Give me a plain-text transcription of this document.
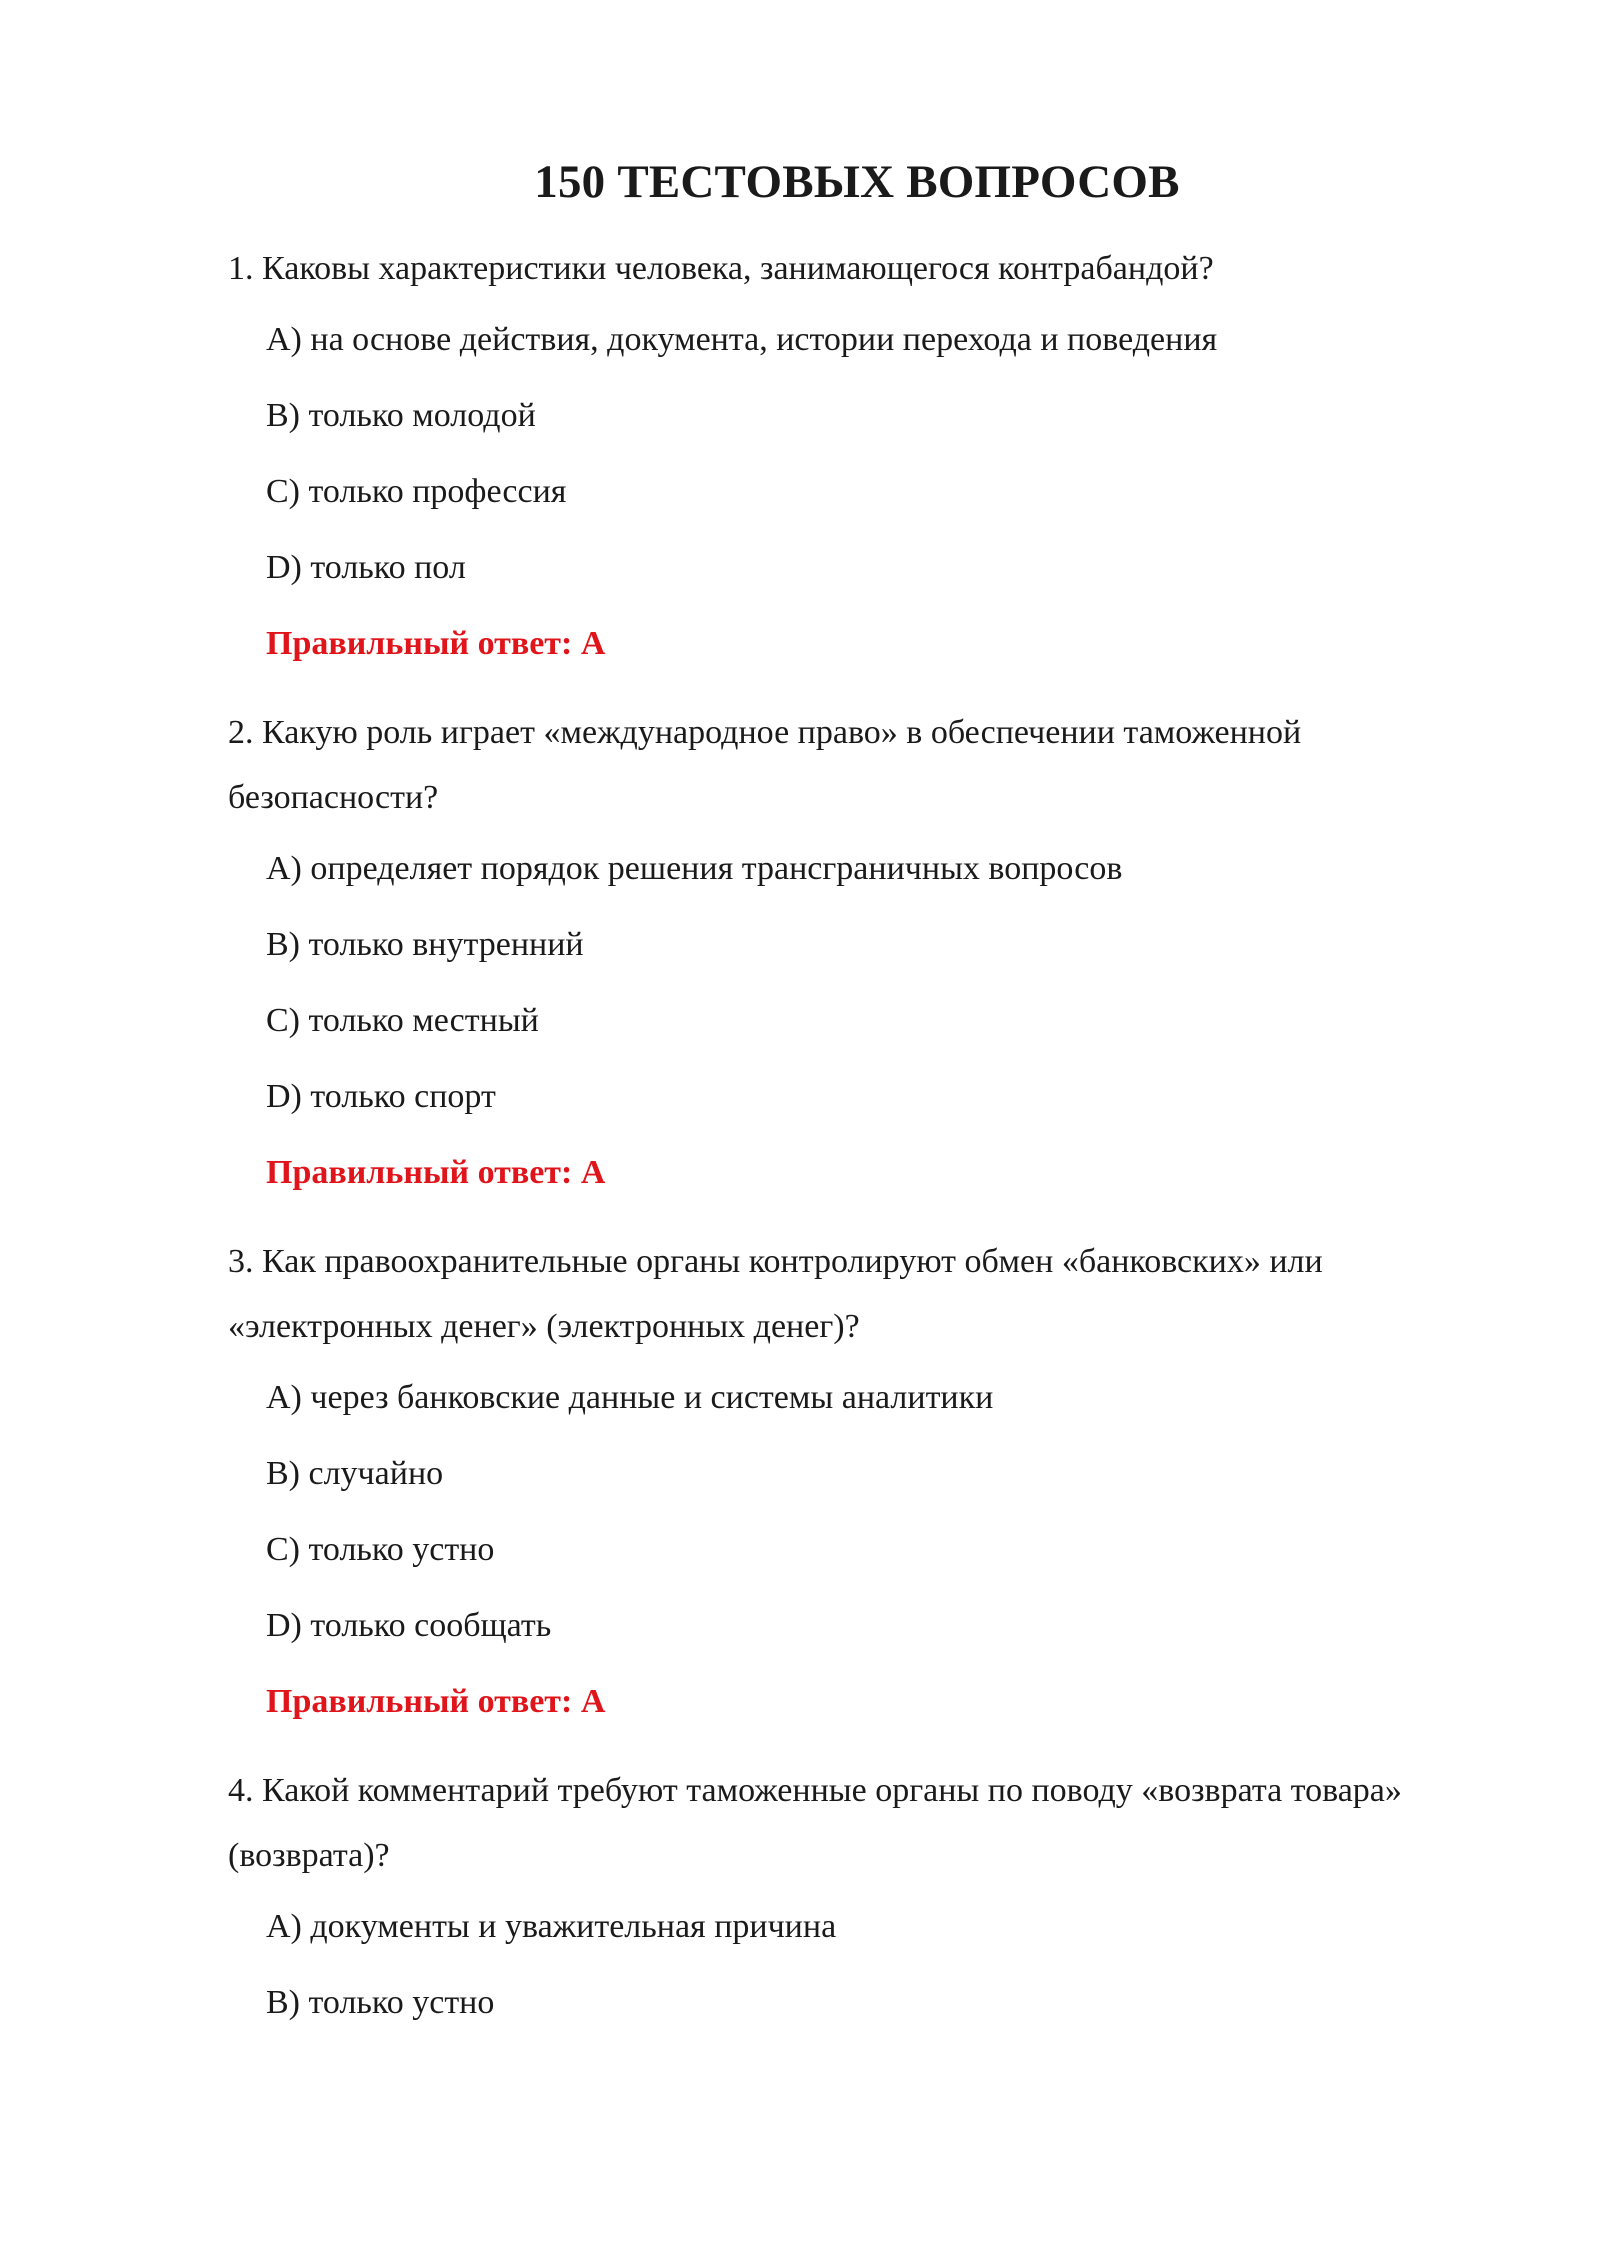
150 ТЕСТОВЫХ ВОПРОСОВ

1. Каковы характеристики человека, занимающегося контрабандой?

A) на основе действия, документа, истории перехода и поведения
B) только молодой
C) только профессия
D) только пол
Правильный ответ: A

2. Какую роль играет «международное право» в обеспечении таможенной безопасности?

A) определяет порядок решения трансграничных вопросов
B) только внутренний
C) только местный
D) только спорт
Правильный ответ: A

3. Как правоохранительные органы контролируют обмен «банковских» или «электронных денег» (электронных денег)?

A) через банковские данные и системы аналитики
B) случайно
C) только устно
D) только сообщать
Правильный ответ: A

4. Какой комментарий требуют таможенные органы по поводу «возврата товара» (возврата)?

A) документы и уважительная причина
B) только устно
